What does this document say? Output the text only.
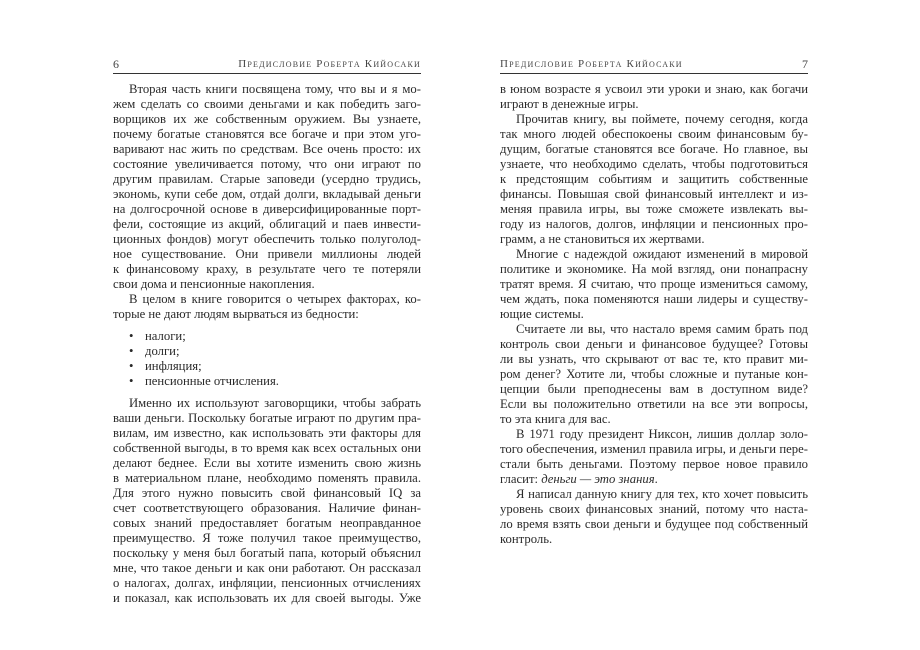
6	Предисловие Роберта Кийосаки
Вторая часть книги посвящена тому, что вы и я мо-
жем сделать со своими деньгами и как победить заго-
ворщиков их же собственным оружием. Вы узнаете,
почему богатые становятся все богаче и при этом уго-
варивают нас жить по средствам. Все очень просто: их
состояние увеличивается потому, что они играют по
другим правилам. Старые заповеди (усердно трудись,
экономь, купи себе дом, отдай долги, вкладывай деньги
на долгосрочной основе в диверсифицированные порт-
фели, состоящие из акций, облигаций и паев инвести-
ционных фондов) могут обеспечить только полуголод-
ное существование. Они привели миллионы людей
к финансовому краху, в результате чего те потеряли
свои дома и пенсионные накопления.
В целом в книге говорится о четырех факторах, ко-
торые не дают людям вырваться из бедности:
• налоги;
• долги;
• инфляция;
• пенсионные отчисления.
Именно их используют заговорщики, чтобы забрать
ваши деньги. Поскольку богатые играют по другим пра-
вилам, им известно, как использовать эти факторы для
собственной выгоды, в то время как всех остальных они
делают беднее. Если вы хотите изменить свою жизнь
в материальном плане, необходимо поменять правила.
Для этого нужно повысить свой финансовый IQ за
счет соответствующего образования. Наличие финан-
совых знаний предоставляет богатым неоправданное
преимущество. Я тоже получил такое преимущество,
поскольку у меня был богатый папа, который объяснил
мне, что такое деньги и как они работают. Он рассказал
о налогах, долгах, инфляции, пенсионных отчислениях
и показал, как использовать их для своей выгоды. Уже
Предисловие Роберта Кийосаки	7
в юном возрасте я усвоил эти уроки и знаю, как богачи
играют в денежные игры.
Прочитав книгу, вы поймете, почему сегодня, когда
так много людей обеспокоены своим финансовым бу-
дущим, богатые становятся все богаче. Но главное, вы
узнаете, что необходимо сделать, чтобы подготовиться
к предстоящим событиям и защитить собственные
финансы. Повышая свой финансовый интеллект и из-
меняя правила игры, вы тоже сможете извлекать вы-
году из налогов, долгов, инфляции и пенсионных про-
грамм, а не становиться их жертвами.
Многие с надеждой ожидают изменений в мировой
политике и экономике. На мой взгляд, они понапрасну
тратят время. Я считаю, что проще измениться самому,
чем ждать, пока поменяются наши лидеры и существу-
ющие системы.
Считаете ли вы, что настало время самим брать под
контроль свои деньги и финансовое будущее? Готовы
ли вы узнать, что скрывают от вас те, кто правит ми-
ром денег? Хотите ли, чтобы сложные и путаные кон-
цепции были преподнесены вам в доступном виде?
Если вы положительно ответили на все эти вопросы,
то эта книга для вас.
В 1971 году президент Никсон, лишив доллар золо-
того обеспечения, изменил правила игры, и деньги пере-
стали быть деньгами. Поэтому первое новое правило
гласит: деньги — это знания.
Я написал данную книгу для тех, кто хочет повысить
уровень своих финансовых знаний, потому что наста-
ло время взять свои деньги и будущее под собственный
контроль.
